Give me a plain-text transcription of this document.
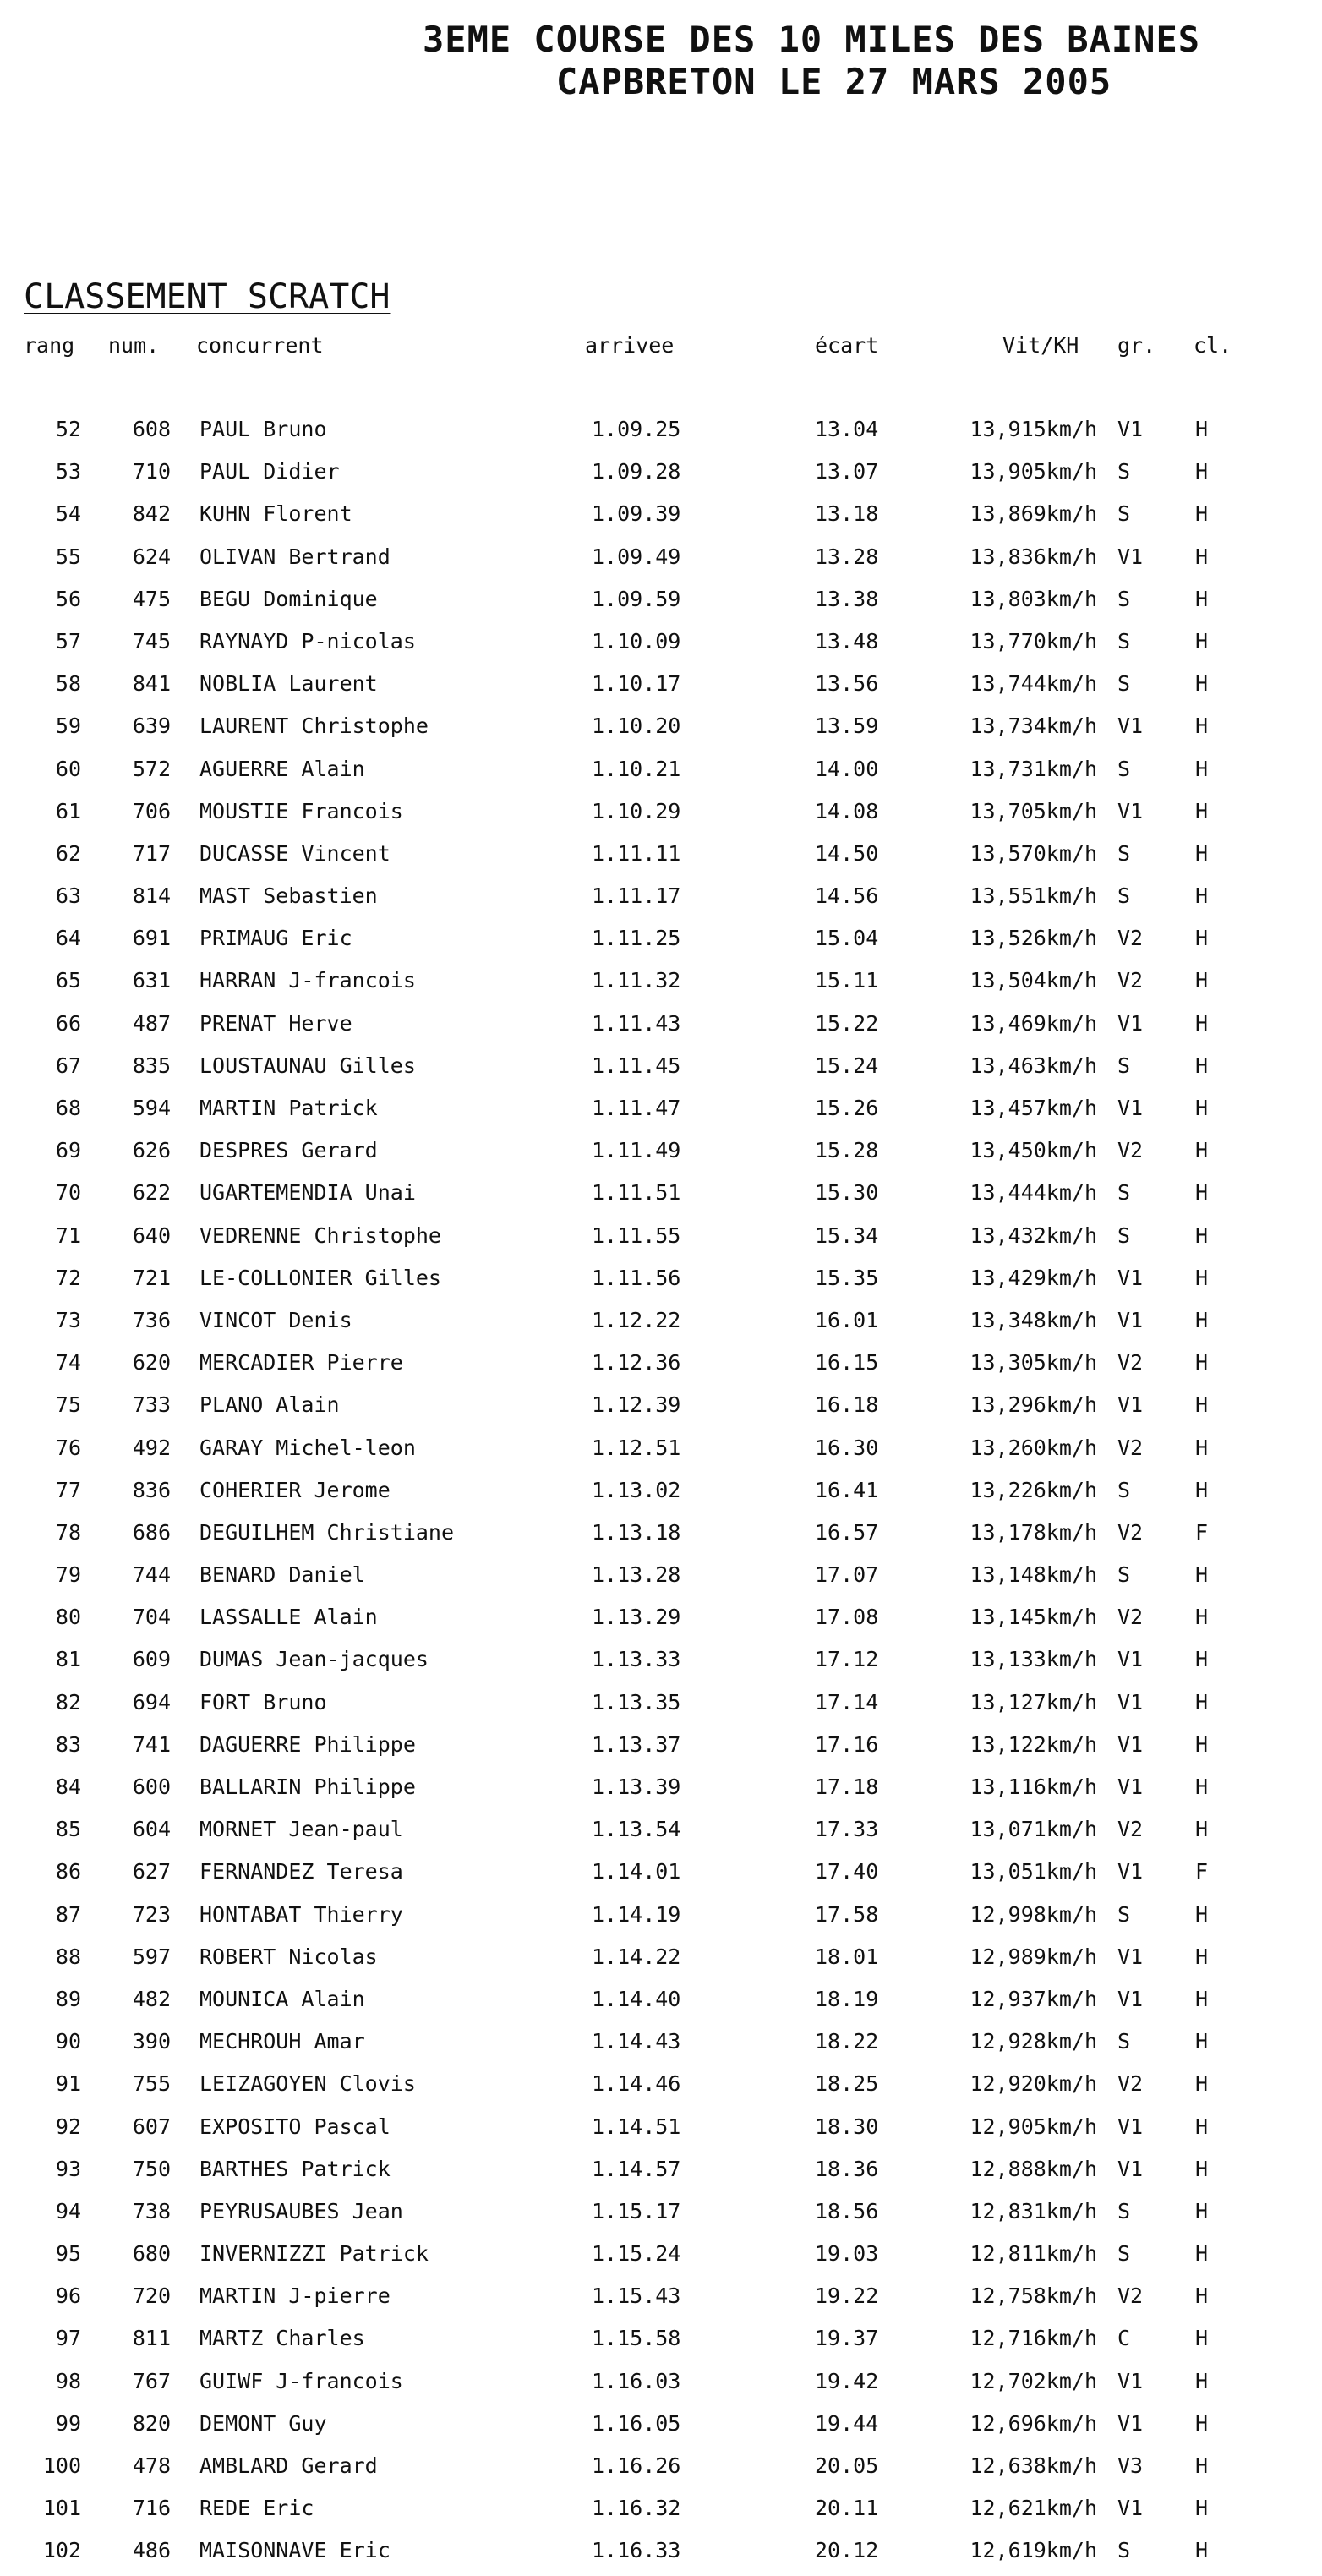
3EME COURSE DES 10 MILES DES BAINES
CAPBRETON LE 27 MARS 2005
CLASSEMENT SCRATCH
rang num. concurrent	arrivee	écart	Vit/KH gr. cl.
52	608 PAUL Bruno	1.09.25	13.04	13,915km/h V1 H
53	710 PAUL Didier	1.09.28	13.07	13,905km/h S	H
54	842 KUHN Florent	1.09.39	13.18	13,869km/h S	H
55	624 OLIVAN Bertrand	1.09.49	13.28	13,836km/h V1 H
56	475 BEGU Dominique	1.09.59	13.38	13,803km/h S	H
57	745 RAYNAYD P-nicolas	1.10.09	13.48	13,770km/h S	H
58	841 NOBLIA Laurent	1.10.17	13.56	13,744km/h S	H
59	639 LAURENT Christophe	1.10.20	13.59	13,734km/h V1 H
60	572 AGUERRE Alain	1.10.21	14.00	13,731km/h S	H
61	706 MOUSTIE Francois	1.10.29	14.08	13,705km/h V1 H
62	717 DUCASSE Vincent	1.11.11	14.50	13,570km/h S	H
63	814 MAST Sebastien	1.11.17	14.56	13,551km/h S	H
64	691 PRIMAUG Eric	1.11.25	15.04	13,526km/h V2 H
65	631 HARRAN J-francois	1.11.32	15.11	13,504km/h V2 H
66	487 PRENAT Herve	1.11.43	15.22	13,469km/h V1 H
67	835 LOUSTAUNAU Gilles	1.11.45	15.24	13,463km/h S	H
68	594 MARTIN Patrick	1.11.47	15.26	13,457km/h V1 H
69	626 DESPRES Gerard	1.11.49	15.28	13,450km/h V2 H
70	622 UGARTEMENDIA Unai	1.11.51	15.30	13,444km/h S	H
71	640 VEDRENNE Christophe	1.11.55	15.34	13,432km/h S	H
72	721 LE-COLLONIER Gilles	1.11.56	15.35	13,429km/h V1 H
73	736 VINCOT Denis	1.12.22	16.01	13,348km/h V1 H
74	620 MERCADIER Pierre	1.12.36	16.15	13,305km/h V2 H
75	733 PLANO Alain	1.12.39	16.18	13,296km/h V1 H
76	492 GARAY Michel-leon	1.12.51	16.30	13,260km/h V2 H
77	836 COHERIER Jerome	1.13.02	16.41	13,226km/h S	H
78	686 DEGUILHEM Christiane	1.13.18	16.57	13,178km/h V2 F
79	744 BENARD Daniel	1.13.28	17.07	13,148km/h S	H
80	704 LASSALLE Alain	1.13.29	17.08	13,145km/h V2 H
81	609 DUMAS Jean-jacques	1.13.33	17.12	13,133km/h V1 H
82	694 FORT Bruno	1.13.35	17.14	13,127km/h V1 H
83	741 DAGUERRE Philippe	1.13.37	17.16	13,122km/h V1 H
84	600 BALLARIN Philippe	1.13.39	17.18	13,116km/h V1 H
85	604 MORNET Jean-paul	1.13.54	17.33	13,071km/h V2 H
86	627 FERNANDEZ Teresa	1.14.01	17.40	13,051km/h V1 F
87	723 HONTABAT Thierry	1.14.19	17.58	12,998km/h S	H
88	597 ROBERT Nicolas	1.14.22	18.01	12,989km/h V1 H
89	482 MOUNICA Alain	1.14.40	18.19	12,937km/h V1 H
90	390 MECHROUH Amar	1.14.43	18.22	12,928km/h S	H
91	755 LEIZAGOYEN Clovis	1.14.46	18.25	12,920km/h V2 H
92	607 EXPOSITO Pascal	1.14.51	18.30	12,905km/h V1 H
93	750 BARTHES Patrick	1.14.57	18.36	12,888km/h V1 H
94	738 PEYRUSAUBES Jean	1.15.17	18.56	12,831km/h S	H
95	680 INVERNIZZI Patrick	1.15.24	19.03	12,811km/h S	H
96	720 MARTIN J-pierre	1.15.43	19.22	12,758km/h V2 H
97	811 MARTZ Charles	1.15.58	19.37	12,716km/h C	H
98	767 GUIWF J-francois	1.16.03	19.42	12,702km/h V1 H
99	820 DEMONT Guy	1.16.05	19.44	12,696km/h V1 H
100	478 AMBLARD Gerard	1.16.26	20.05	12,638km/h V3 H
101	716 REDE Eric	1.16.32	20.11	12,621km/h V1 H
102	486 MAISONNAVE Eric	1.16.33	20.12	12,619km/h S	H
